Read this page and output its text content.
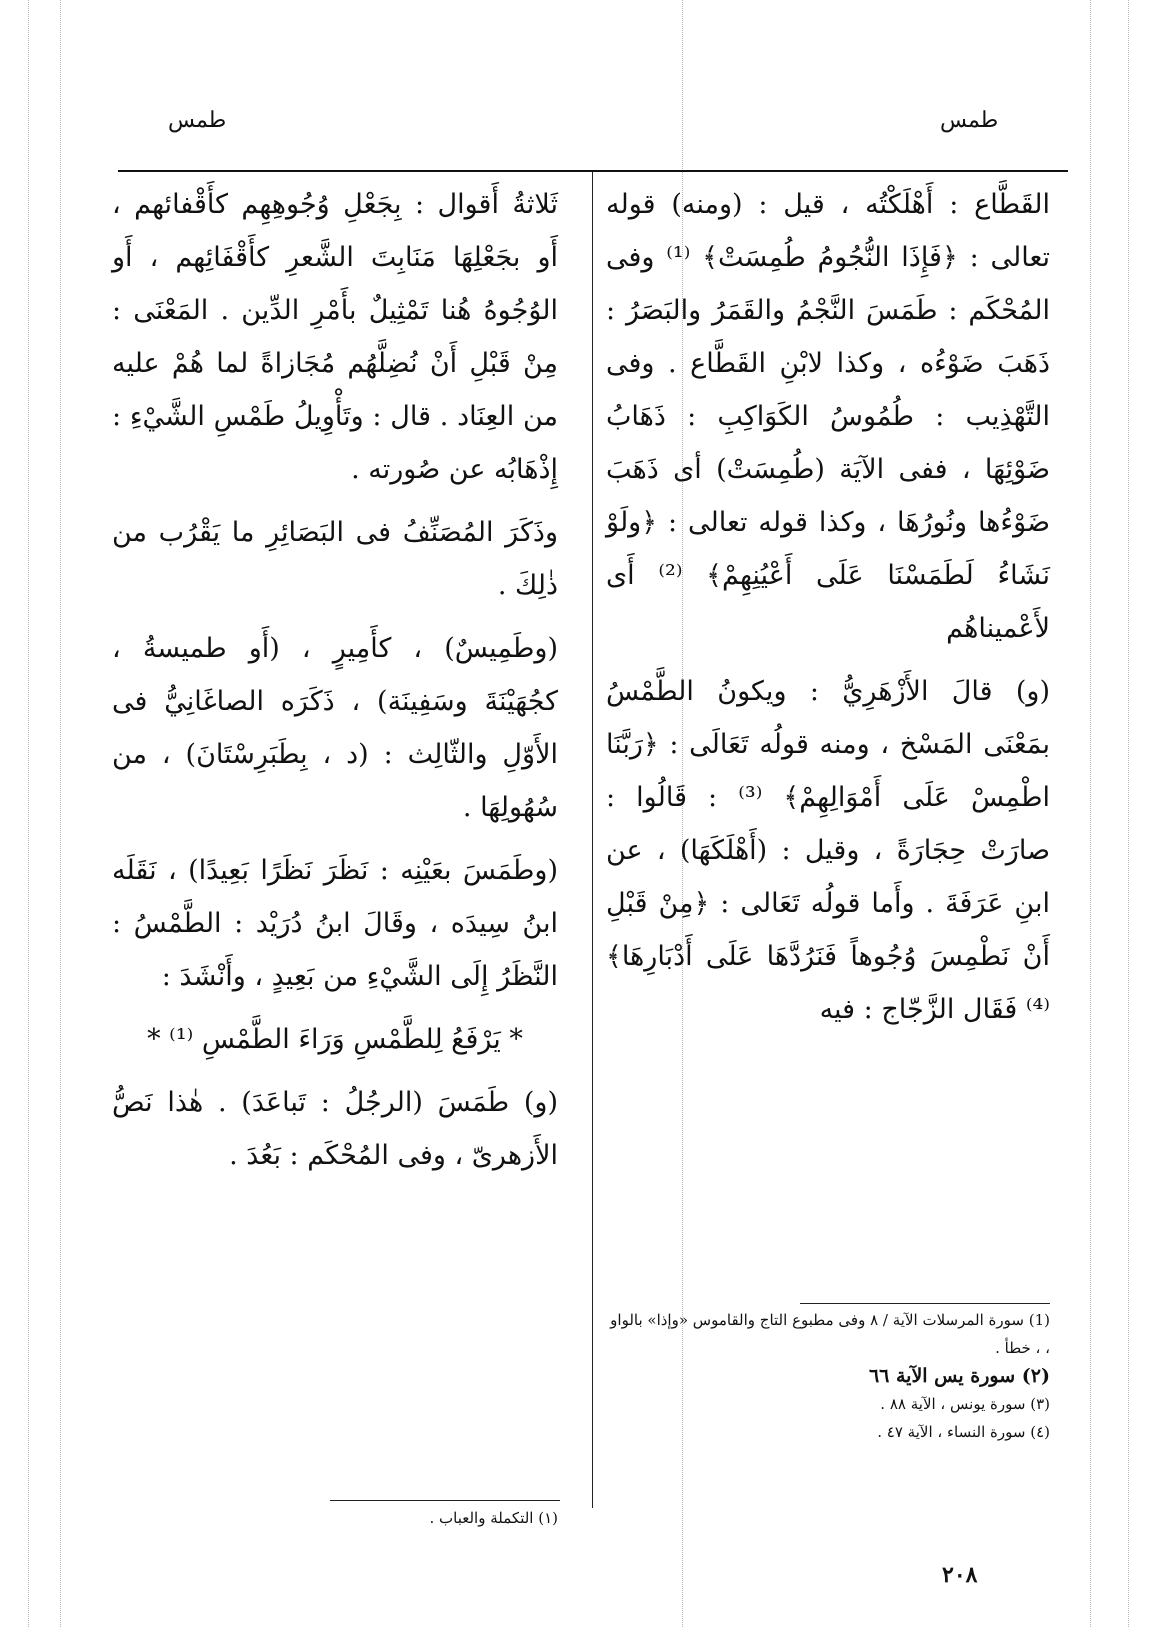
طمس
طمس

القَطَّاع : أَهْلَكْتُه ، قيل : (ومنه) قوله تعالى : ﴿فَإِذَا النُّجُومُ طُمِسَتْ﴾ ⁽¹⁾ وفى المُحْكَم : طَمَسَ النَّجْمُ والقَمَرُ والبَصَرُ : ذَهَبَ ضَوْءُه ، وكذا لابْنِ القَطَّاع . وفى التَّهْذِيب : طُمُوسُ الكَوَاكِبِ : ذَهَابُ ضَوْئِهَا ، ففى الآيَة (طُمِسَتْ) أى ذَهَبَ ضَوْءُها ونُورُهَا ، وكذا قوله تعالى : ﴿ولَوْ نَشَاءُ لَطَمَسْنَا عَلَى أَعْيُنِهِمْ﴾ ⁽²⁾ أَى لأَعْميناهُم

(و) قالَ الأَزْهَرِيُّ : ويكونُ الطَّمْسُ بمَعْنَى المَسْخ ، ومنه قولُه تَعَالَى : ﴿رَبَّنَا اطْمِسْ عَلَى أَمْوَالِهِمْ﴾ ⁽³⁾ : قَالُوا : صارَتْ حِجَارَةً ، وقيل : (أَهْلَكَهَا) ، عن ابنِ عَرَفَةَ . وأَما قولُه تَعَالى : ﴿مِنْ قَبْلِ أَنْ نَطْمِسَ وُجُوهاً فَنَرُدَّهَا عَلَى أَدْبَارِهَا﴾ ⁽⁴⁾ فَقَال الزَّجّاج : فيه

(1) سورة المرسلات الآية / ٨ وفى مطبوع التاج والقاموس «وإذا» بالواو ، ، خطأ .
(٢) سورة يس الآية ٦٦
(٣) سورة يونس ، الآية ٨٨ .
(٤) سورة النساء ، الآية ٤٧ .

ثَلاثةُ أَقوال : بِجَعْلِ وُجُوهِهِم كأَقْفائهم ، أَو بجَعْلِهَا مَنَابِتَ الشَّعرِ كأَقْفَائِهم ، أَو الوُجُوهُ هُنا تَمْثِيلٌ بأَمْرِ الدِّين . المَعْنَى : مِنْ قَبْلِ أَنْ نُضِلَّهُم مُجَازاةً لما هُمْ عليه من العِنَاد . قال : وتَأْوِيلُ طَمْسِ الشَّيْءِ : إِذْهَابُه عن صُورته .

وذَكَرَ المُصَنِّفُ فى البَصَائِرِ ما يَقْرُب من ذٰلِكَ .

(وطَمِيسٌ) ، كأَمِيرٍ ، (أَو طميسةُ ، كجُهَيْنَةَ وسَفِينَة) ، ذَكَرَه الصاغَانِيُّ فى الأَوّلِ والثّالِث : (د ، بِطَبَرِسْتَانَ) ، من سُهُولِهَا .

(وطَمَسَ بعَيْنِه : نَظَرَ نَظَرًا بَعِيدًا) ، نَقَلَه ابنُ سِيدَه ، وقَالَ ابنُ دُرَيْد : الطَّمْسُ : النَّظَرُ إِلَى الشَّيْءِ من بَعِيدٍ ، وأَنْشَدَ :

* يَرْفَعُ لِلطَّمْسِ وَرَاءَ الطَّمْسِ ⁽¹⁾ *

(و) طَمَسَ (الرجُلُ : تَباعَدَ) . هٰذا نَصُّ الأَزهرىّ ، وفى المُحْكَم : بَعُدَ .

(١) التكملة والعباب .
٢٠٨
